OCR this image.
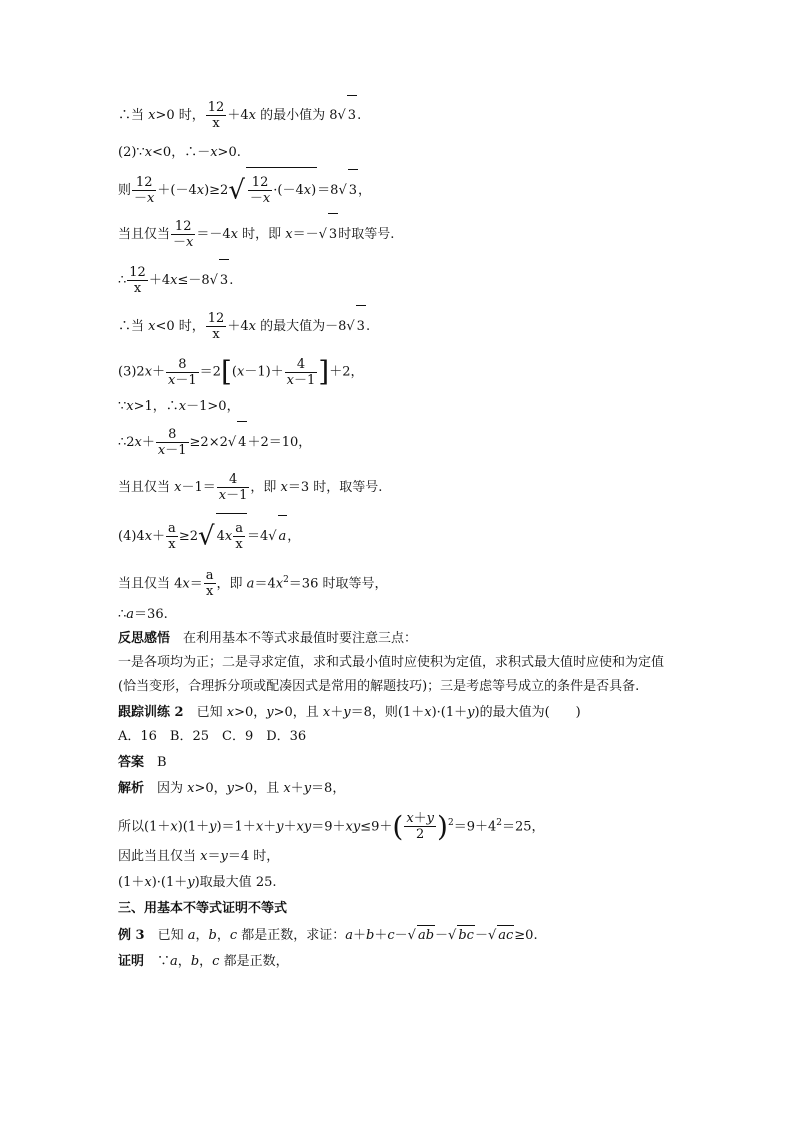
∴当 x>0 时， $\frac{12}{x} +4x$ 的最小值为 8√ 3.
(2)∵x<0，∴－x>0.
则 $\frac{12}{-x} +(-4x)\ge 2√ \frac{12}{-x} \cdot(-4x)=8√$ 3，
当且仅当 $\frac{12}{-x} =-4x$ 时，即 x＝－√ 3时取等号.
∴ $\frac{12}{x} +4x\le-8√$ 3.
∴当 x<0 时， $\frac{12}{x} +4x$ 的最大值为－8√ 3.
$(3)2x+ \frac{8}{x-1} =2[(x-1)+ \frac{4}{x-1} ]+2$，
∵x>1，∴x－1>0，
∴2x＋ $\frac{8}{x-1} \ge 2\times 2√$ 4＋2＝10，
当且仅当 $x-1= \frac{4}{x-1}$ ，即 x＝3 时，取等号.
$(4)4x+ \frac{a}{x} \ge 2√$ $4x \frac{a}{x} =4√$ a，
当且仅当 $4x= \frac{a}{x}$ ，即 $a=4x^2=36$ 时取等号，
∴a＝36.
反思感悟　在利用基本不等式求最值时要注意三点：
一是各项均为正；二是寻求定值，求和式最小值时应使积为定值，求积式最大值时应使和为定值(恰当变形，合理拆分项或配凑因式是常用的解题技巧)；三是考虑等号成立的条件是否具备.
跟踪训练 2　已知 x>0，y>0，且 x＋y＝8，则(1＋x)·(1＋y)的最大值为(　　)
A．16　B．25　C．9　D．36
答案　B
解析　因为 x>0，y>0，且 x＋y＝8，
所以$(1+x)(1+y)=1+x+y+xy=9+xy\le 9+( \frac{x+y}{2} )^2=9+4^2=25$，
因此当且仅当 x＝y＝4 时，
(1＋x)·(1＋y)取最大值 25.
三、用基本不等式证明不等式
例 3　已知 a，b，c 都是正数，求证：a＋b＋c－√ ab－√ bc－√ ac≥0.
证明　∵a，b，c 都是正数，
